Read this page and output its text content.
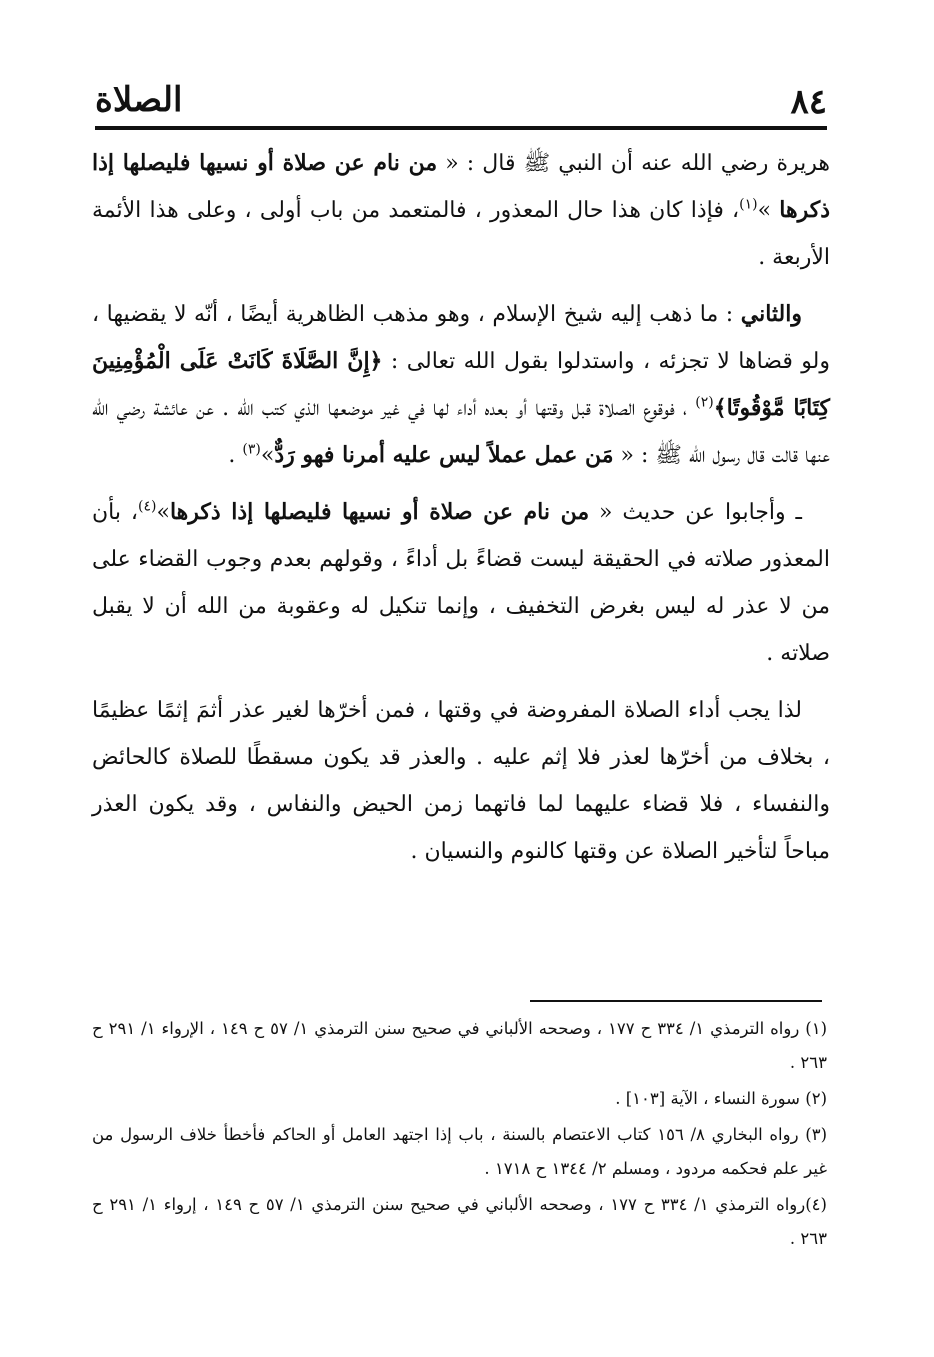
٨٤
الصلاة

هريرة رضي الله عنه أن النبي ﷺ قال : « من نام عن صلاة أو نسيها فليصلها إذا ذكرها »$^{(١)}$، فإذا كان هذا حال المعذور ، فالمتعمد من باب أولى ، وعلى هذا الأئمة الأربعة .

والثاني : ما ذهب إليه شيخ الإسلام ، وهو مذهب الظاهرية أيضًا ، أنّه لا يقضيها ، ولو قضاها لا تجزئه ، واستدلوا بقول الله تعالى : ﴿إِنَّ الصَّلَاةَ كَانَتْ عَلَى الْمُؤْمِنِينَ كِتَابًا مَّوْقُوتًا﴾$^{(٢)}$ ، فوقوع الصلاة قبل وقتها أو بعده أداء لها في غير موضعها الذي كتب الله . عن عائشة رضي الله عنها قالت قال رسول الله ﷺ : « مَن عمل عملاً ليس عليه أمرنا فهو رَدٌّ»$^{(٣)}$ .

ـ وأجابوا عن حديث « من نام عن صلاة أو نسيها فليصلها إذا ذكرها»$^{(٤)}$، بأن المعذور صلاته في الحقيقة ليست قضاءً بل أداءً ، وقولهم بعدم وجوب القضاء على من لا عذر له ليس بغرض التخفيف ، وإنما تنكيل له وعقوبة من الله أن لا يقبل صلاته .

لذا يجب أداء الصلاة المفروضة في وقتها ، فمن أخرّها لغير عذر أثمَ إثمًا عظيمًا ، بخلاف من أخرّها لعذر فلا إثم عليه . والعذر قد يكون مسقطًا للصلاة كالحائض والنفساء ، فلا قضاء عليهما لما فاتهما زمن الحيض والنفاس ، وقد يكون العذر مباحاً لتأخير الصلاة عن وقتها كالنوم والنسيان .

(١) رواه الترمذي ١/ ٣٣٤ ح ١٧٧ ، وصححه الألباني في صحيح سنن الترمذي ١/ ٥٧ ح ١٤٩ ، الإرواء ١/ ٢٩١ ح ٢٦٣ .
(٢) سورة النساء ، الآية [١٠٣] .
(٣) رواه البخاري ٨/ ١٥٦ كتاب الاعتصام بالسنة ، باب إذا اجتهد العامل أو الحاكم فأخطأ خلاف الرسول من غير علم فحكمه مردود ، ومسلم ٢/ ١٣٤٤ ح ١٧١٨ .
(٤)رواه الترمذي ١/ ٣٣٤ ح ١٧٧ ، وصححه الألباني في صحيح سنن الترمذي ١/ ٥٧ ح ١٤٩ ، إرواء ١/ ٢٩١ ح ٢٦٣ .
